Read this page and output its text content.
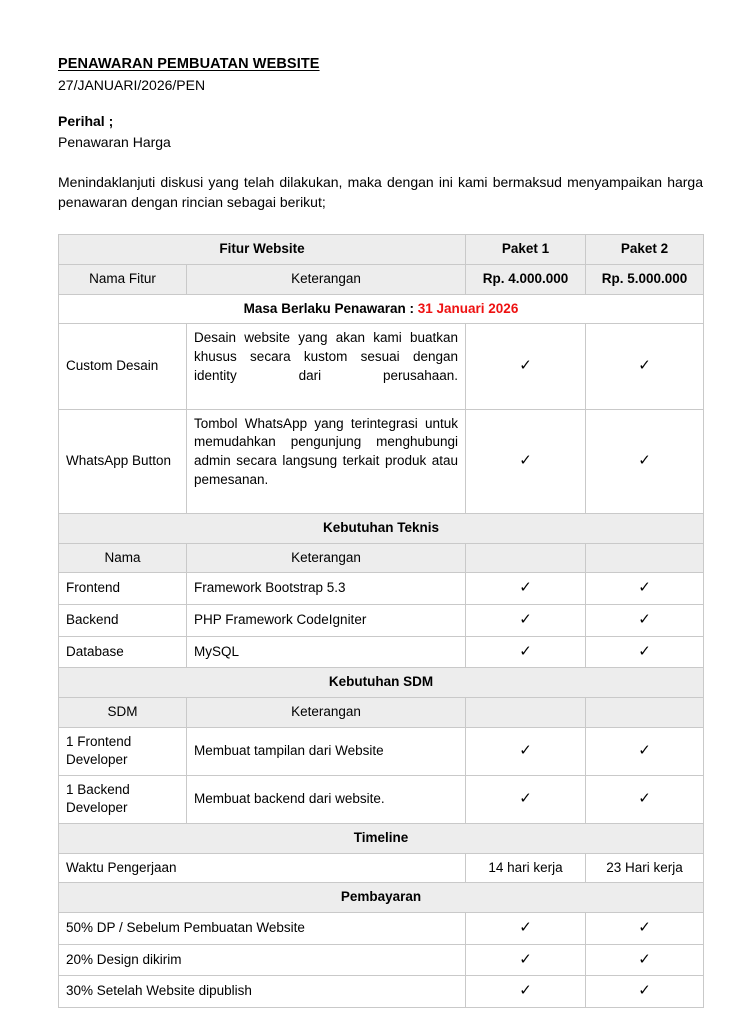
PENAWARAN PEMBUATAN WEBSITE

27/JANUARI/2026/PEN

Perihal ;

Penawaran Harga

Menindaklanjuti diskusi yang telah dilakukan, maka dengan ini kami bermaksud menyampaikan harga penawaran dengan rincian sebagai berikut;

Fitur Website		Paket 1	Paket 2
Nama Fitur	Keterangan	Rp. 4.000.000	Rp. 5.000.000
Masa Berlaku Penawaran : 31 Januari 2026			
Custom Desain	Desain website yang akan kami buatkan khusus secara kustom sesuai dengan identity dari perusahaan.	✓	✓
WhatsApp Button	Tombol WhatsApp yang terintegrasi untuk memudahkan pengunjung menghubungi admin secara langsung terkait produk atau pemesanan.	✓	✓
Kebutuhan Teknis			
Nama	Keterangan		
Frontend	Framework Bootstrap 5.3	✓	✓
Backend	PHP Framework CodeIgniter	✓	✓
Database	MySQL	✓	✓
Kebutuhan SDM			
SDM	Keterangan		
1 Frontend Developer	Membuat tampilan dari Website	✓	✓
1 Backend Developer	Membuat backend dari website.	✓	✓
Timeline			
Waktu Pengerjaan		14 hari kerja	23 Hari kerja
Pembayaran			
50% DP / Sebelum Pembuatan Website		✓	✓
20% Design dikirim		✓	✓
30% Setelah Website dipublish		✓	✓
